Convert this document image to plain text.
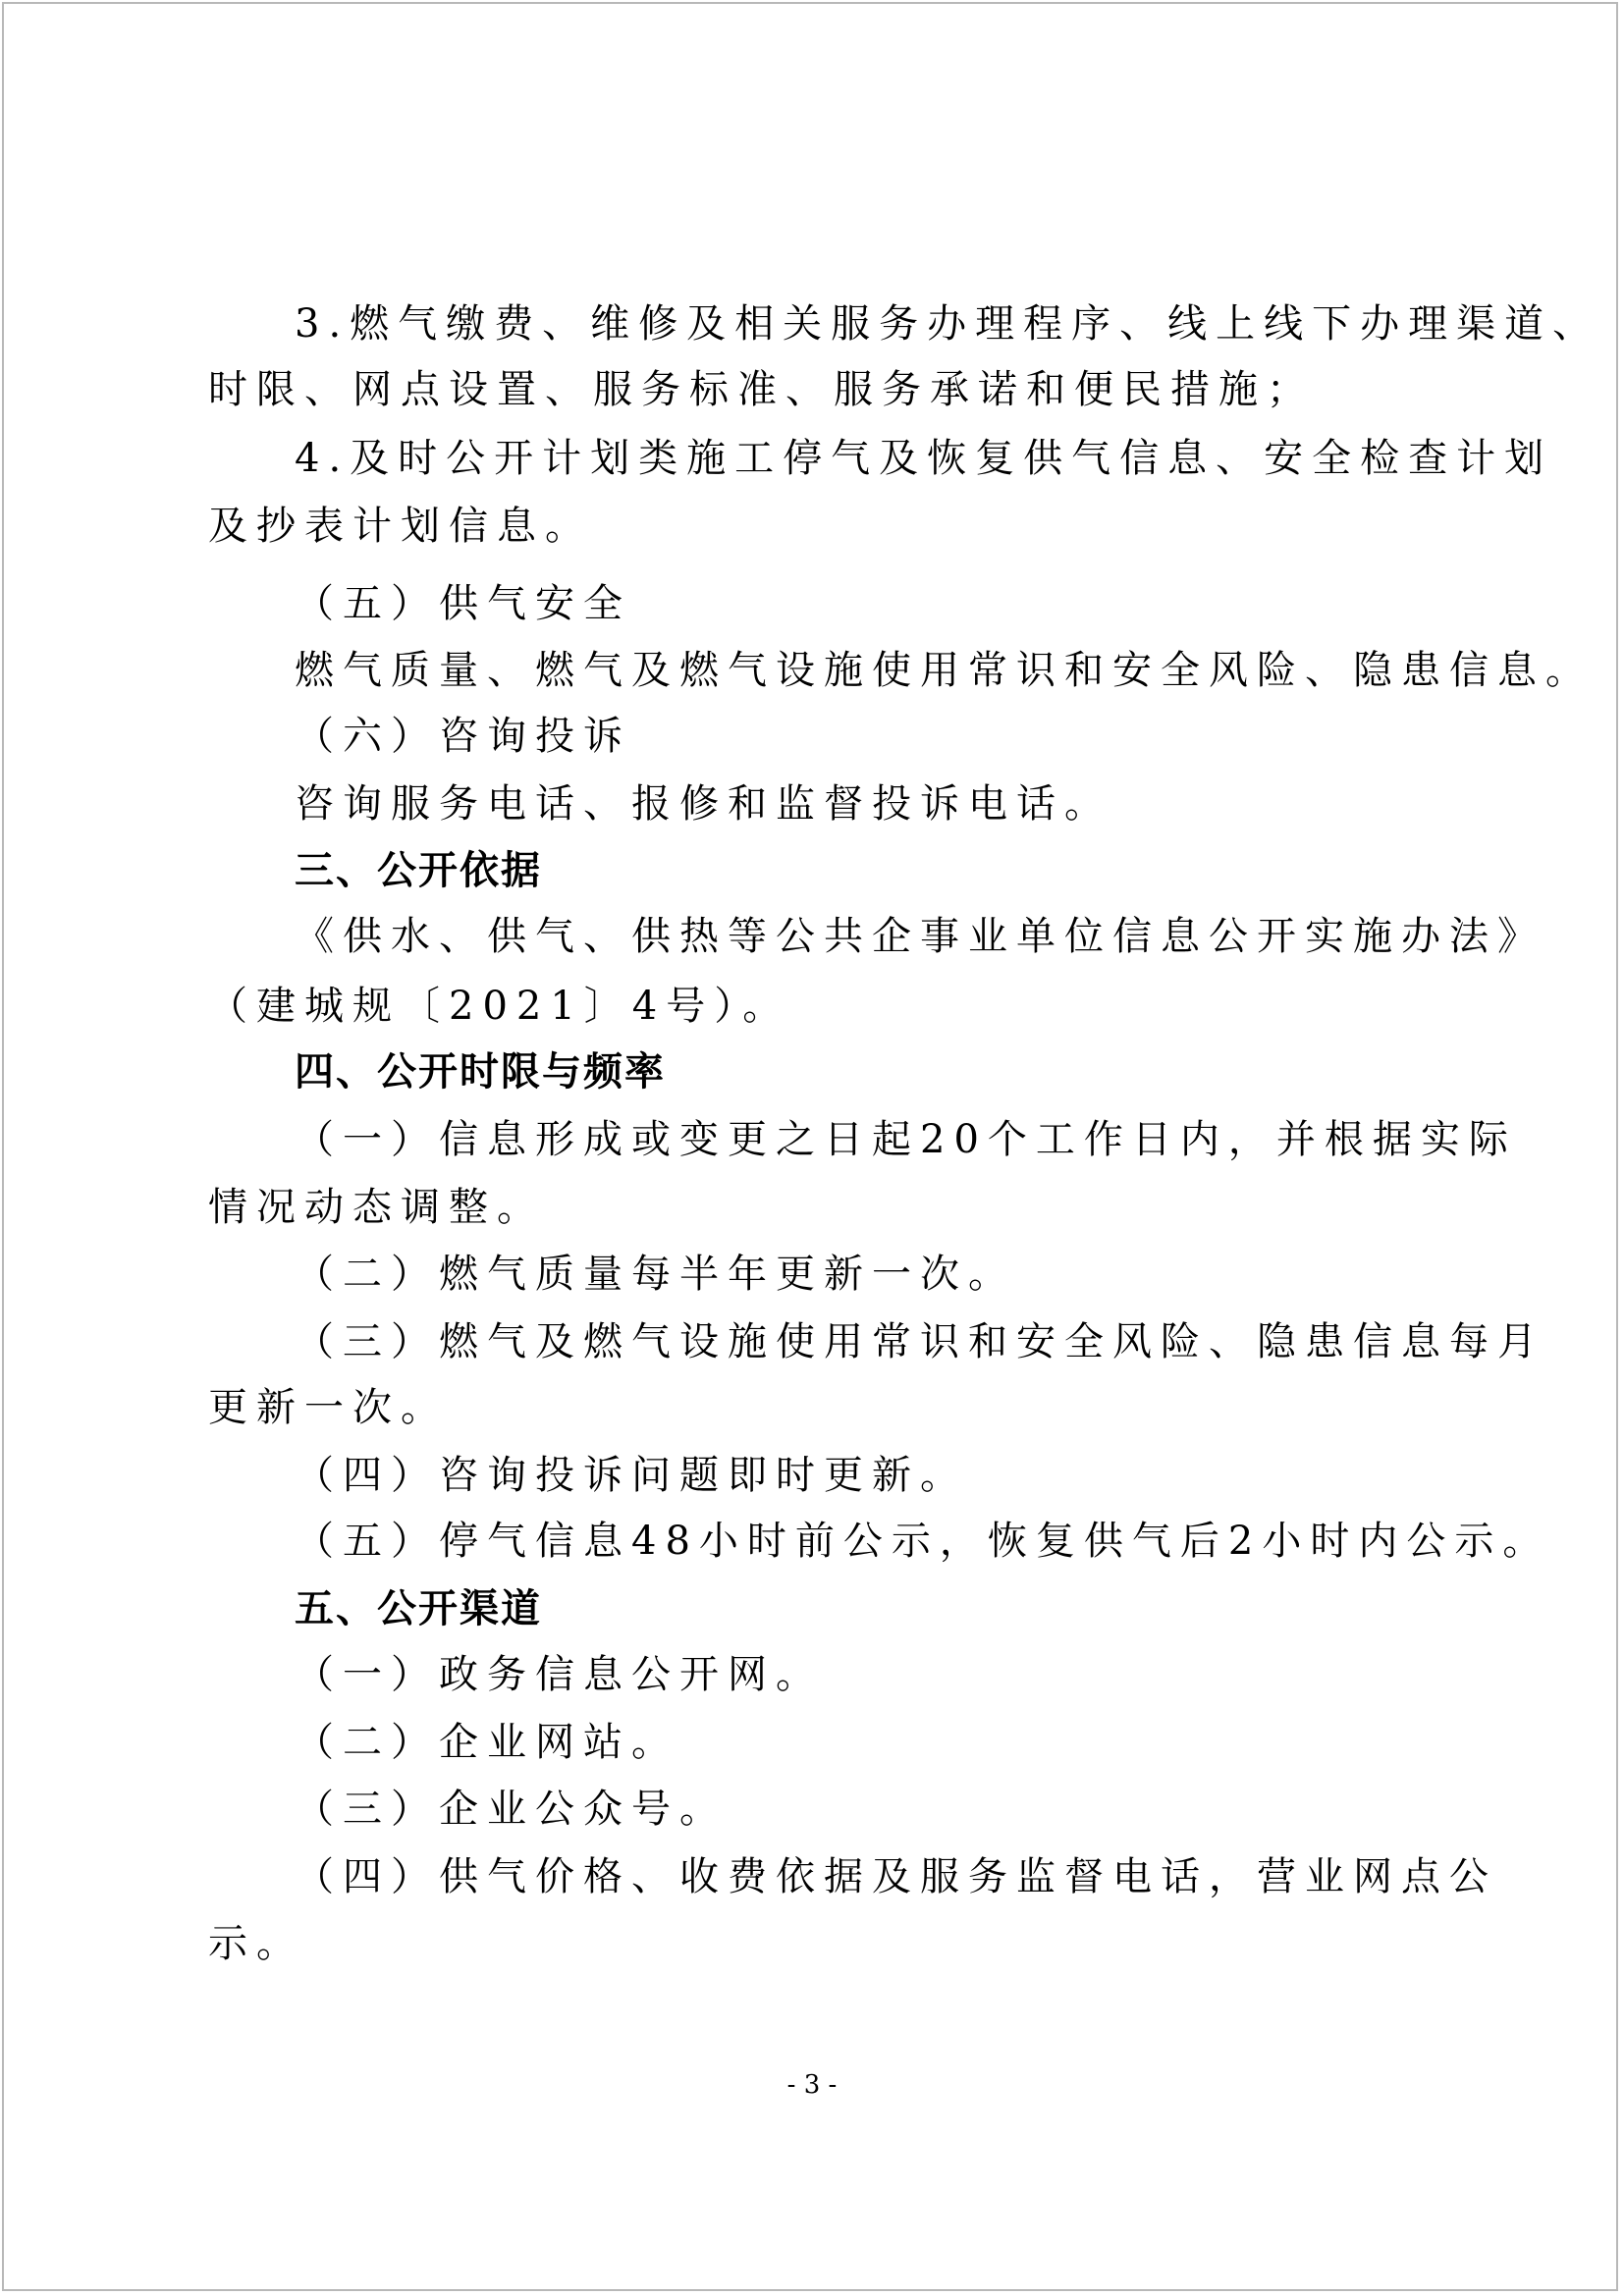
3.燃气缴费、维修及相关服务办理程序、线上线下办理渠道、
时限、网点设置、服务标准、服务承诺和便民措施；
4.及时公开计划类施工停气及恢复供气信息、安全检查计划
及抄表计划信息。
（五）供气安全
燃气质量、燃气及燃气设施使用常识和安全风险、隐患信息。
（六）咨询投诉
咨询服务电话、报修和监督投诉电话。
三、公开依据
《供水、供气、供热等公共企事业单位信息公开实施办法》
（建城规〔2021〕4号）。
四、公开时限与频率
（一）信息形成或变更之日起20个工作日内，并根据实际
情况动态调整。
（二）燃气质量每半年更新一次。
（三）燃气及燃气设施使用常识和安全风险、隐患信息每月
更新一次。
（四）咨询投诉问题即时更新。
（五）停气信息48小时前公示，恢复供气后2小时内公示。
五、公开渠道
（一）政务信息公开网。
（二）企业网站。
（三）企业公众号。
（四）供气价格、收费依据及服务监督电话，营业网点公
示。
- 3 -
